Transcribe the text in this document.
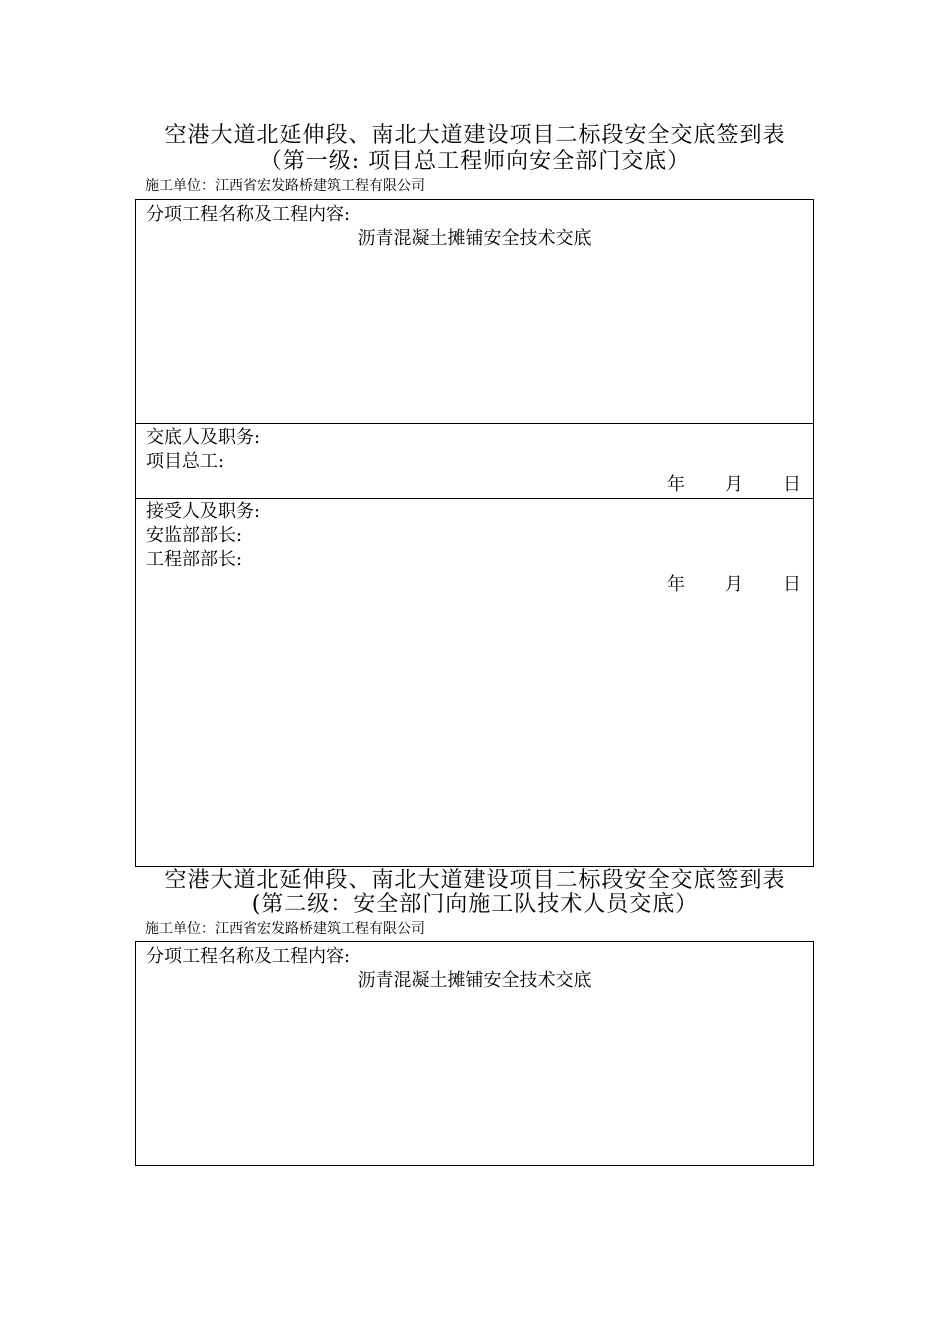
空港大道北延伸段、南北大道建设项目二标段安全交底签到表
（第一级: 项目总工程师向安全部门交底）
施工单位：江西省宏发路桥建筑工程有限公司
分项工程名称及工程内容:
沥青混凝土摊铺安全技术交底
交底人及职务:
项目总工:
年 月 日
接受人及职务:
安监部部长:
工程部部长:
年 月 日
空港大道北延伸段、南北大道建设项目二标段安全交底签到表
(第二级：安全部门向施工队技术人员交底）
施工单位：江西省宏发路桥建筑工程有限公司
分项工程名称及工程内容:
沥青混凝土摊铺安全技术交底
